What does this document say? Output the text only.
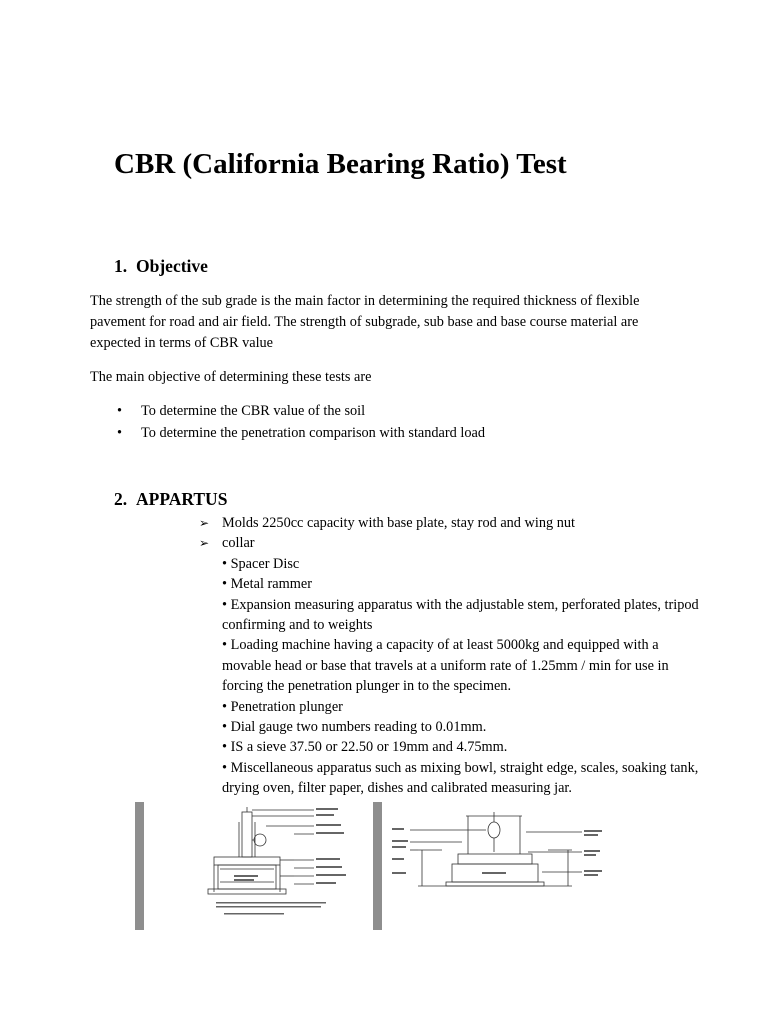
CBR (California Bearing Ratio) Test
1. Objective
The strength of the sub grade is the main factor in determining the required thickness of flexible
pavement for road and air field. The strength of subgrade, sub base and base course material are
expected in terms of CBR value

The main objective of determining these tests are

• To determine the CBR value of the soil
• To determine the penetration comparison with standard load
2. APPARTUS
➢ Molds 2250cc capacity with base plate, stay rod and wing nut
➢ collar
• Spacer Disc
• Metal rammer
• Expansion measuring apparatus with the adjustable stem, perforated plates, tripod confirming and to weights
• Loading machine having a capacity of at least 5000kg and equipped with a movable head or base that travels at a uniform rate of 1.25mm / min for use in forcing the penetration plunger in to the specimen.
• Penetration plunger
• Dial gauge two numbers reading to 0.01mm.
• IS a sieve 37.50 or 22.50 or 19mm and 4.75mm.
• Miscellaneous apparatus such as mixing bowl, straight edge, scales, soaking tank, drying oven, filter paper, dishes and calibrated measuring jar.
